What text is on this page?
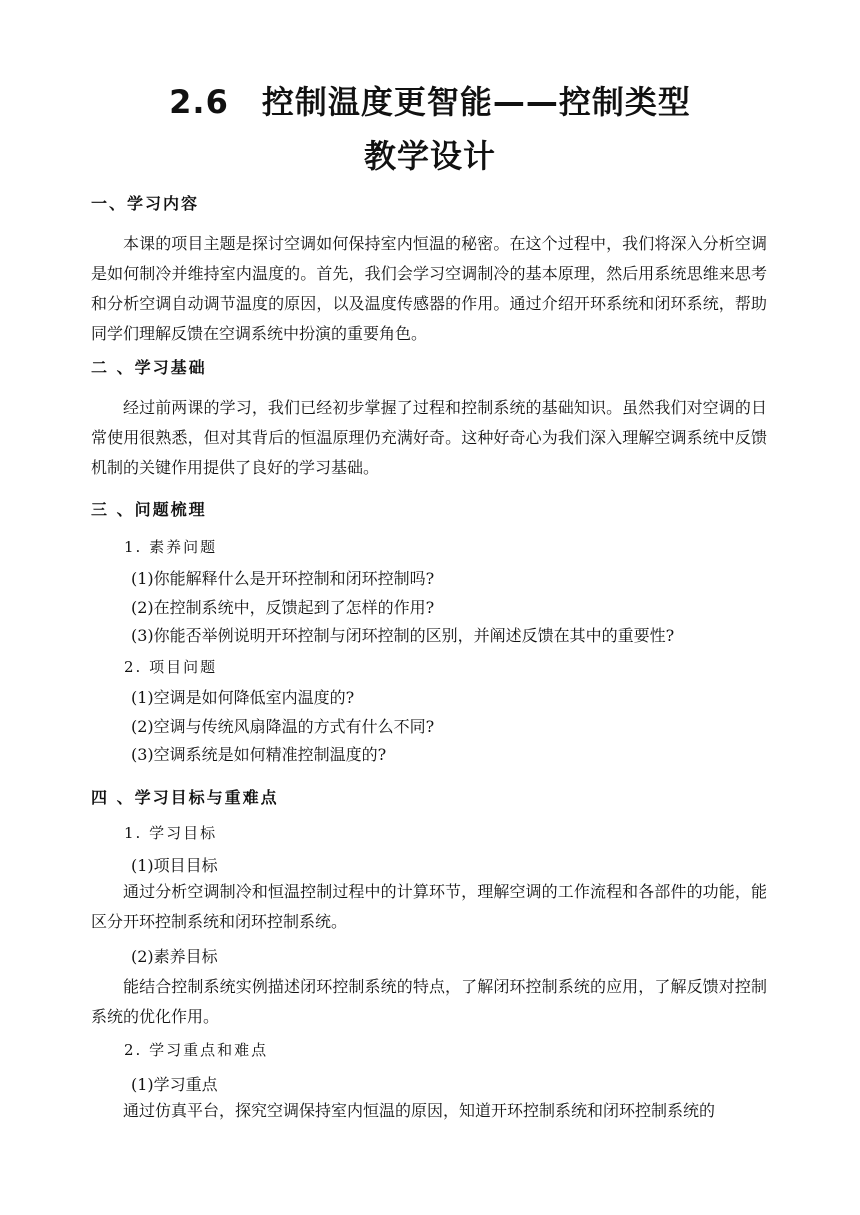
2.6　控制温度更智能——控制类型
教学设计
一、学习内容

本课的项目主题是探讨空调如何保持室内恒温的秘密。在这个过程中，我们将深入分析空调是如何制冷并维持室内温度的。首先，我们会学习空调制冷的基本原理，然后用系统思维来思考和分析空调自动调节温度的原因，以及温度传感器的作用。通过介绍开环系统和闭环系统，帮助同学们理解反馈在空调系统中扮演的重要角色。

二 、学习基础

经过前两课的学习，我们已经初步掌握了过程和控制系统的基础知识。虽然我们对空调的日常使用很熟悉，但对其背后的恒温原理仍充满好奇。这种好奇心为我们深入理解空调系统中反馈机制的关键作用提供了良好的学习基础。

三 、问题梳理
1. 素养问题
(1)你能解释什么是开环控制和闭环控制吗?
(2)在控制系统中，反馈起到了怎样的作用?
(3)你能否举例说明开环控制与闭环控制的区别，并阐述反馈在其中的重要性?
2. 项目问题
(1)空调是如何降低室内温度的?
(2)空调与传统风扇降温的方式有什么不同?
(3)空调系统是如何精准控制温度的?
四 、学习目标与重难点
1. 学习目标
(1)项目目标

通过分析空调制冷和恒温控制过程中的计算环节，理解空调的工作流程和各部件的功能，能区分开环控制系统和闭环控制系统。

(2)素养目标

能结合控制系统实例描述闭环控制系统的特点，了解闭环控制系统的应用，了解反馈对控制系统的优化作用。

2. 学习重点和难点
(1)学习重点

通过仿真平台，探究空调保持室内恒温的原因，知道开环控制系统和闭环控制系统的
